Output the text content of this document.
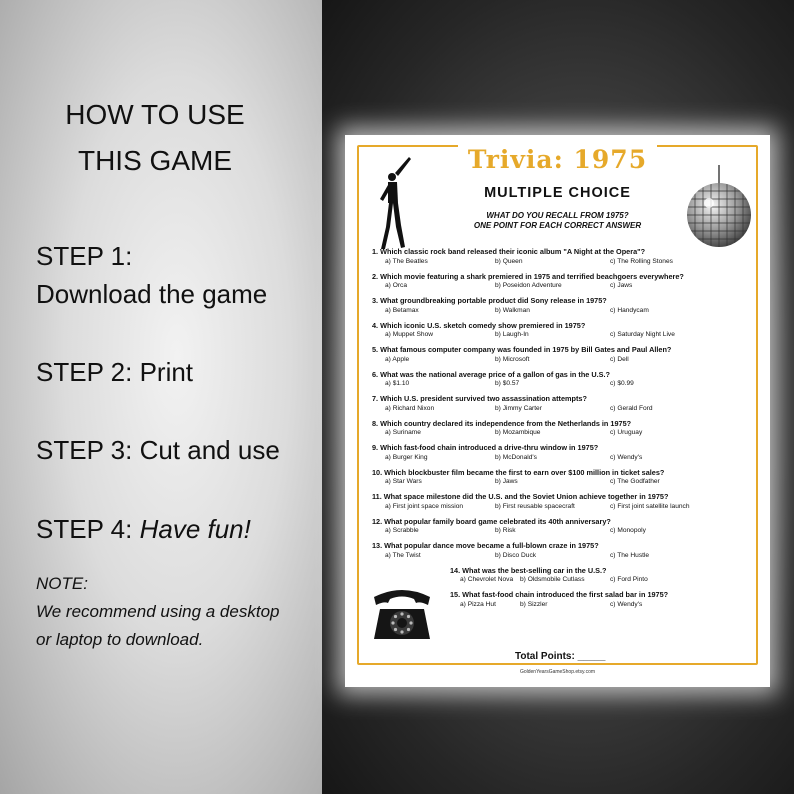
HOW TO USE
THIS GAME
STEP 1:
Download the game
STEP 2: Print
STEP 3: Cut and use
STEP 4: Have fun!
NOTE:
We recommend using a desktop
or laptop to download.
Trivia: 1975
MULTIPLE CHOICE
WHAT DO YOU RECALL FROM 1975?
ONE POINT FOR EACH CORRECT ANSWER
1. Which classic rock band released their iconic album "A Night at the Opera"?
a) The Beatles	b) Queen	c) The Rolling Stones
2. Which movie featuring a shark premiered in 1975 and terrified beachgoers everywhere?
a) Orca	b) Poseidon Adventure	c) Jaws
3. What groundbreaking portable product did Sony release in 1975?
a) Betamax	b) Walkman	c) Handycam
4. Which iconic U.S. sketch comedy show premiered in 1975?
a) Muppet Show	b) Laugh-In	c) Saturday Night Live
5. What famous computer company was founded in 1975 by Bill Gates and Paul Allen?
a) Apple	b) Microsoft	c) Dell
6. What was the national average price of a gallon of gas in the U.S.?
a) $1.10	b) $0.57	c) $0.99
7. Which U.S. president survived two assassination attempts?
a) Richard Nixon	b) Jimmy Carter	c) Gerald Ford
8. Which country declared its independence from the Netherlands in 1975?
a) Suriname	b) Mozambique	c) Uruguay
9. Which fast-food chain introduced a drive-thru window in 1975?
a) Burger King	b) McDonald's	c) Wendy's
10. Which blockbuster film became the first to earn over $100 million in ticket sales?
a) Star Wars	b) Jaws	c) The Godfather
11. What space milestone did the U.S. and the Soviet Union achieve together in 1975?
a) First joint space mission	b) First reusable spacecraft	c) First joint satellite launch
12. What popular family board game celebrated its 40th anniversary?
a) Scrabble	b) Risk	c) Monopoly
13. What popular dance move became a full-blown craze in 1975?
a) The Twist	b) Disco Duck	c) The Hustle
14. What was the best-selling car in the U.S.?
a) Chevrolet Nova b) Oldsmobile Cutlass	c) Ford Pinto
15. What fast-food chain introduced the first salad bar in 1975?
a) Pizza Hut	b) Sizzler	c) Wendy's
Total Points: _____
GoldenYearsGameShop.etsy.com
